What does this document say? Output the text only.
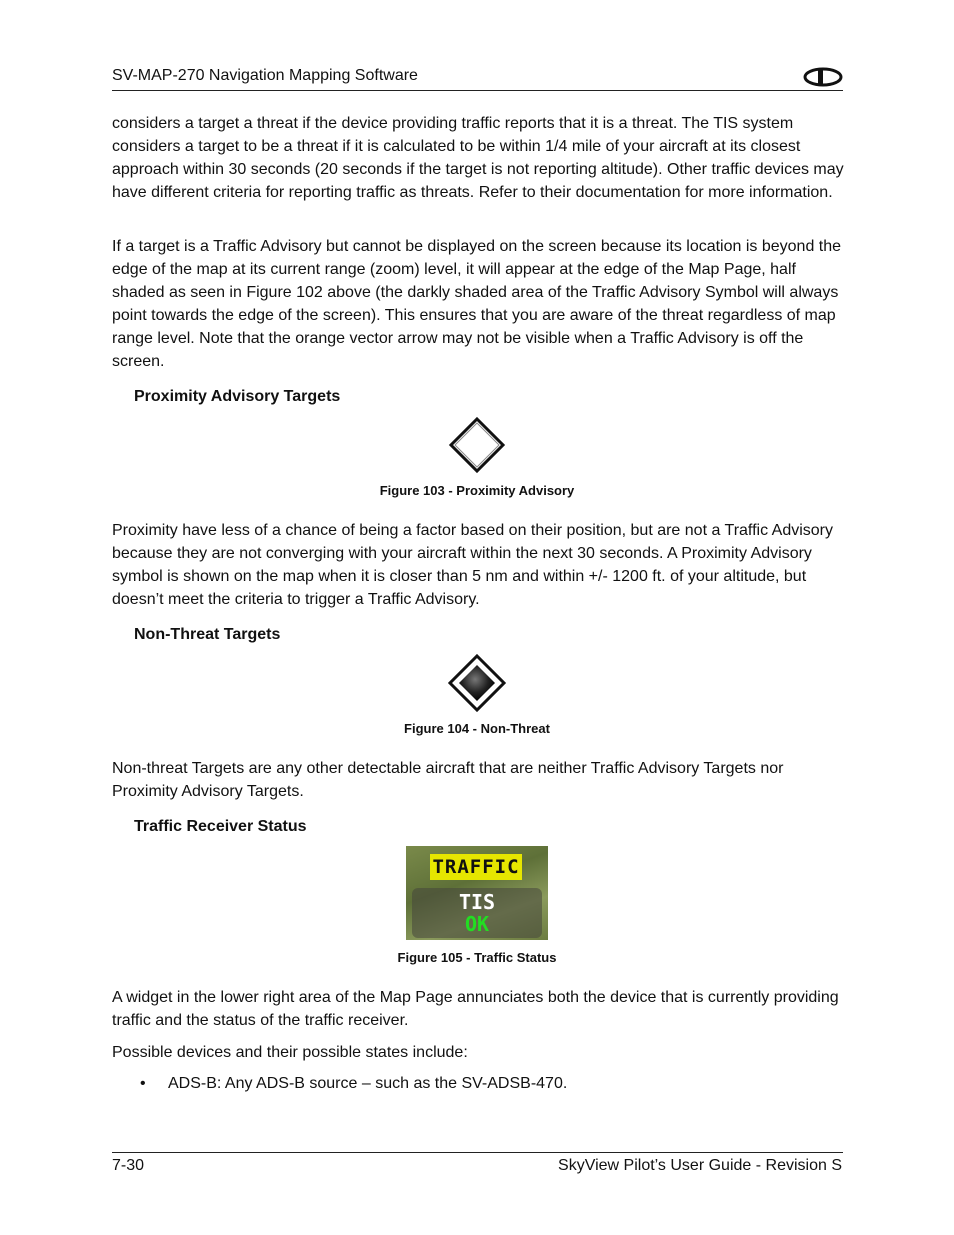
SV-MAP-270 Navigation Mapping Software

considers a target a threat if the device providing traffic reports that it is a threat. The TIS system considers a target to be a threat if it is calculated to be within 1/4 mile of your aircraft at its closest approach within 30 seconds (20 seconds if the target is not reporting altitude). Other traffic devices may have different criteria for reporting traffic as threats. Refer to their documentation for more information.

If a target is a Traffic Advisory but cannot be displayed on the screen because its location is beyond the edge of the map at its current range (zoom) level, it will appear at the edge of the Map Page, half shaded as seen in Figure 102 above (the darkly shaded area of the Traffic Advisory Symbol will always point towards the edge of the screen). This ensures that you are aware of the threat regardless of map range level. Note that the orange vector arrow may not be visible when a Traffic Advisory is off the screen.

Proximity Advisory Targets
Figure 103 - Proximity Advisory

Proximity have less of a chance of being a factor based on their position, but are not a Traffic Advisory because they are not converging with your aircraft within the next 30 seconds. A Proximity Advisory symbol is shown on the map when it is closer than 5 nm and within +/- 1200 ft. of your altitude, but doesn’t meet the criteria to trigger a Traffic Advisory.

Non-Threat Targets
Figure 104 - Non-Threat

Non-threat Targets are any other detectable aircraft that are neither Traffic Advisory Targets nor Proximity Advisory Targets.

Traffic Receiver Status
TRAFFIC
TIS
OK
Figure 105 - Traffic Status

A widget in the lower right area of the Map Page annunciates both the device that is currently providing traffic and the status of the traffic receiver.

Possible devices and their possible states include:

• ADS-B: Any ADS-B source – such as the SV-ADSB-470.
7-30	SkyView Pilot’s User Guide - Revision S
